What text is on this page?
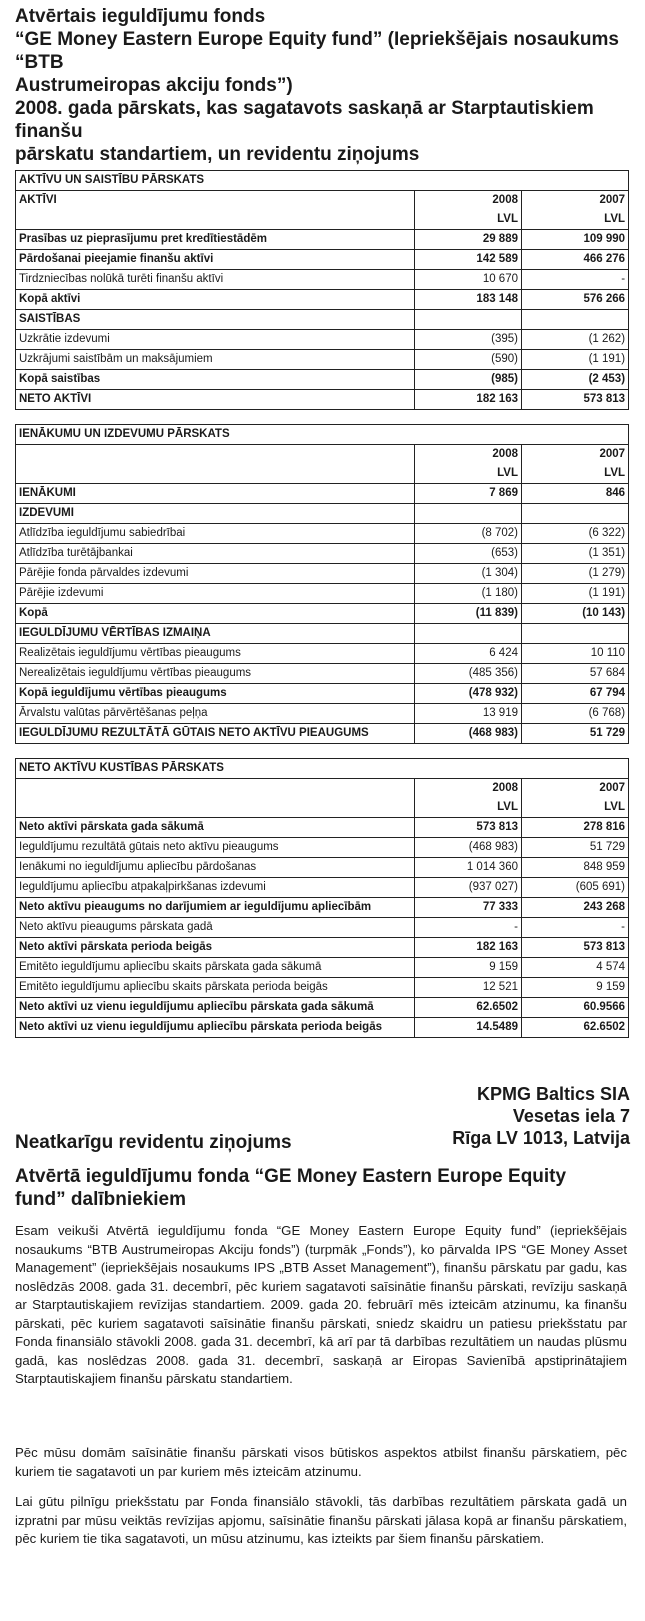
Atvērtais ieguldījumu fonds
“GE Money Eastern Europe Equity fund” (Iepriekšējais nosaukums “BTB
Austrumeiropas akciju fonds”)
2008. gada pārskats, kas sagatavots saskaņā ar Starptautiskiem finanšu
pārskatu standartiem, un revidentu ziņojums
AKTĪVU UN SAISTĪBU PĀRSKATS		
AKTĪVI	2008	2007
	LVL	LVL
Prasības uz pieprasījumu pret kredītiestādēm	29 889	109 990
Pārdošanai pieejamie finanšu aktīvi	142 589	466 276
Tirdzniecības nolūkā turēti finanšu aktīvi	10 670	-
Kopā aktīvi	183 148	576 266
SAISTĪBAS		
Uzkrātie izdevumi	(395)	(1 262)
Uzkrājumi saistībām un maksājumiem	(590)	(1 191)
Kopā saistības	(985)	(2 453)
NETO AKTĪVI	182 163	573 813
IENĀKUMU UN IZDEVUMU PĀRSKATS		
	2008	2007
	LVL	LVL
IENĀKUMI	7 869	846
IZDEVUMI		
Atlīdzība ieguldījumu sabiedrībai	(8 702)	(6 322)
Atlīdzība turētājbankai	(653)	(1 351)
Pārējie fonda pārvaldes izdevumi	(1 304)	(1 279)
Pārējie izdevumi	(1 180)	(1 191)
Kopā	(11 839)	(10 143)
IEGULDĪJUMU VĒRTĪBAS IZMAIŅA		
Realizētais ieguldījumu vērtības pieaugums	6 424	10 110
Nerealizētais ieguldījumu vērtības pieaugums	(485 356)	57 684
Kopā ieguldījumu vērtības pieaugums	(478 932)	67 794
Ārvalstu valūtas pārvērtēšanas peļņa	13 919	(6 768)
IEGULDĪJUMU REZULTĀTĀ GŪTAIS NETO AKTĪVU PIEAUGUMS	(468 983)	51 729
NETO AKTĪVU KUSTĪBAS PĀRSKATS		
	2008	2007
	LVL	LVL
Neto aktīvi pārskata gada sākumā	573 813	278 816
Ieguldījumu rezultātā gūtais neto aktīvu pieaugums	(468 983)	51 729
Ienākumi no ieguldījumu apliecību pārdošanas	1 014 360	848 959
Ieguldījumu apliecību atpakaļpirkšanas izdevumi	(937 027)	(605 691)
Neto aktīvu pieaugums no darījumiem ar ieguldījumu apliecībām	77 333	243 268
Neto aktīvu pieaugums pārskata gadā	-	-
Neto aktīvi pārskata perioda beigās	182 163	573 813
Emitēto ieguldījumu apliecību skaits pārskata gada sākumā	9 159	4 574
Emitēto ieguldījumu apliecību skaits pārskata perioda beigās	12 521	9 159
Neto aktīvi uz vienu ieguldījumu apliecību pārskata gada sākumā	62.6502	60.9566
Neto aktīvi uz vienu ieguldījumu apliecību pārskata perioda beigās	14.5489	62.6502
KPMG Baltics SIA
Vesetas iela 7
Rīga LV 1013, Latvija
Neatkarīgu revidentu ziņojums
Atvērtā ieguldījumu fonda “GE Money Eastern Europe Equity
fund” dalībniekiem
Esam veikuši Atvērtā ieguldījumu fonda “GE Money Eastern Europe Equity fund” (iepriekšējais nosaukums “BTB Austrumeiropas Akciju fonds”) (turpmāk „Fonds”), ko pārvalda IPS “GE Money Asset Management” (iepriekšējais nosaukums IPS „BTB Asset Management”), finanšu pārskatu par gadu, kas noslēdzās 2008. gada 31. decembrī, pēc kuriem sagatavoti saīsinātie finanšu pārskati, revīziju saskaņā ar Starptautiskajiem revīzijas standartiem. 2009. gada 20. februārī mēs izteicām atzinumu, ka finanšu pārskati, pēc kuriem sagatavoti saīsinātie finanšu pārskati, sniedz skaidru un patiesu priekšstatu par Fonda finansiālo stāvokli 2008. gada 31. decembrī, kā arī par tā darbības rezultātiem un naudas plūsmu gadā, kas noslēdzas 2008. gada 31. decembrī, saskaņā ar Eiropas Savienībā apstiprinātajiem Starptautiskajiem finanšu pārskatu standartiem.
Pēc mūsu domām saīsinātie finanšu pārskati visos būtiskos aspektos atbilst finanšu pārskatiem, pēc kuriem tie sagatavoti un par kuriem mēs izteicām atzinumu.
Lai gūtu pilnīgu priekšstatu par Fonda finansiālo stāvokli, tās darbības rezultātiem pārskata gadā un izpratni par mūsu veiktās revīzijas apjomu, saīsinātie finanšu pārskati jālasa kopā ar finanšu pārskatiem, pēc kuriem tie tika sagatavoti, un mūsu atzinumu, kas izteikts par šiem finanšu pārskatiem.
